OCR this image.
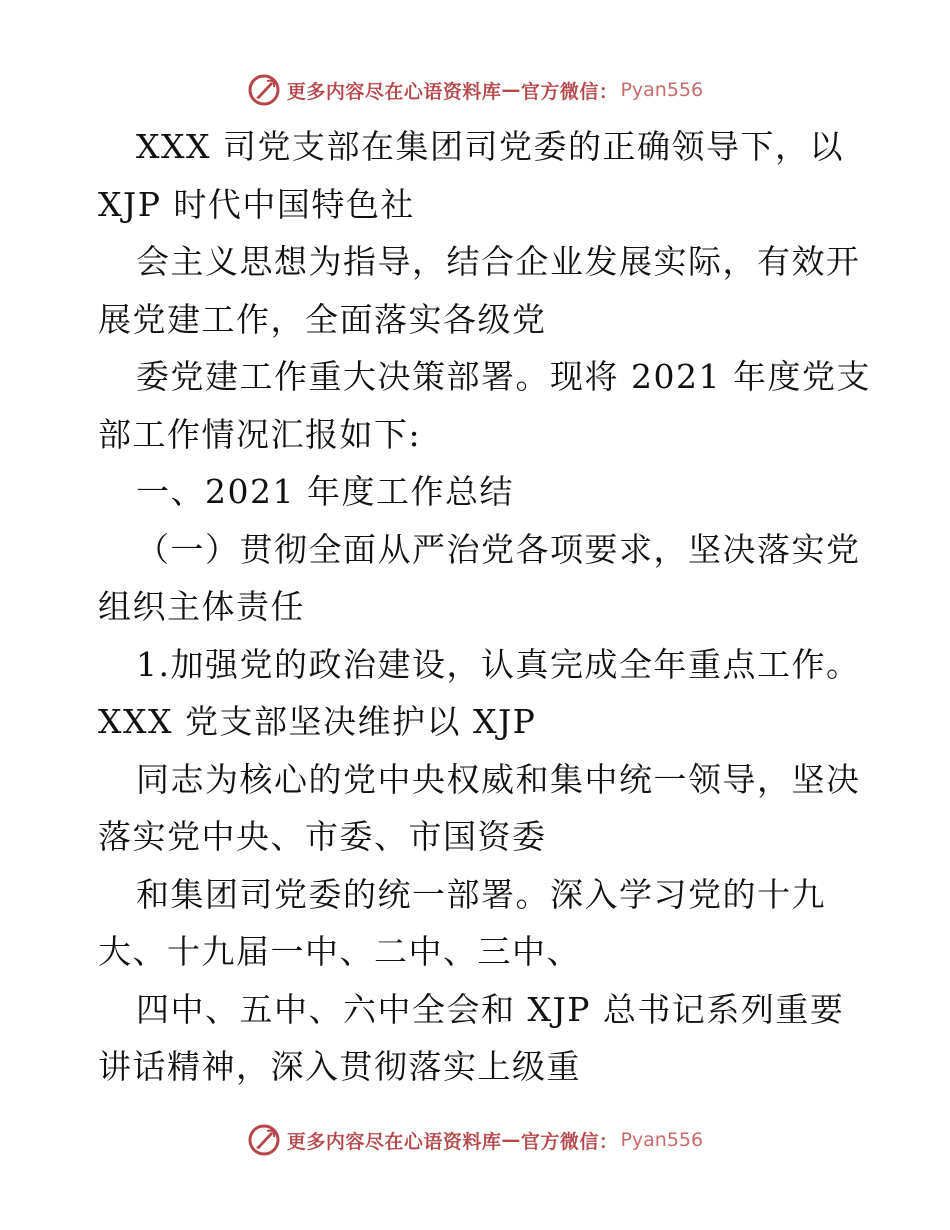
更多内容尽在心语资料库 — 官方微信： Pyan556
XXX 司党支部在集团司党委的正确领导下，以
XJP 时代中国特色社
会主义思想为指导，结合企业发展实际，有效开
展党建工作，全面落实各级党
委党建工作重大决策部署。现将 2021 年度党支
部工作情况汇报如下:
一、2021 年度工作总结
（一）贯彻全面从严治党各项要求，坚决落实党
组织主体责任
1.加强党的政治建设，认真完成全年重点工作。
XXX 党支部坚决维护以 XJP
同志为核心的党中央权威和集中统一领导，坚决
落实党中央、市委、市国资委
和集团司党委的统一部署。深入学习党的十九
大、十九届一中、二中、三中、
四中、五中、六中全会和 XJP 总书记系列重要
讲话精神，深入贯彻落实上级重
更多内容尽在心语资料库 — 官方微信： Pyan556
